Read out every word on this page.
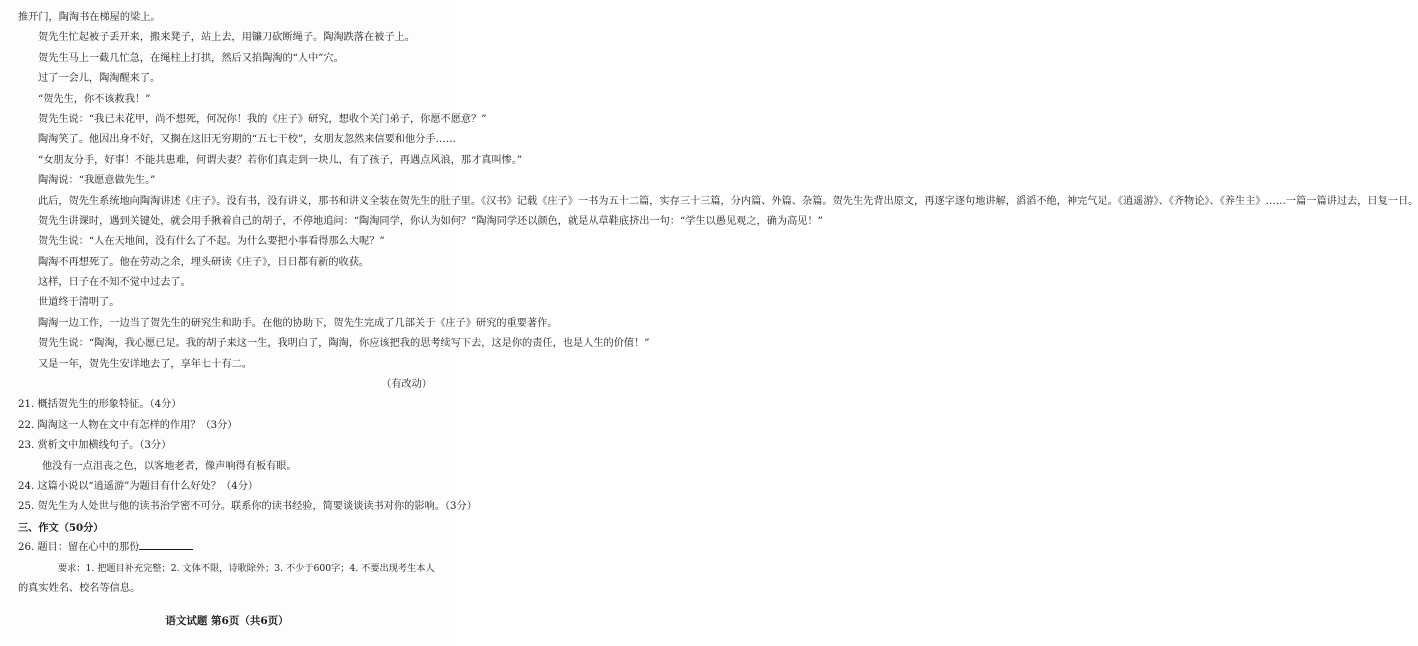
推开门，陶淘书在梯屋的梁上。
贺先生忙起被子丢开来，搬来凳子，站上去，用镰刀砍断绳子。陶淘跌落在被子上。
贺先生马上一截几忙急，在绳柱上打拱，然后又掐陶淘的“人中”穴。
过了一会儿，陶淘醒来了。
“贺先生，你不该救我！”
贺先生说：“我已未花甲，尚不想死，何况你！我的《庄子》研究，想收个关门弟子，你愿不愿意？”
陶淘笑了。他因出身不好，又搁在这旧无穷期的“五七干校”，女朋友忽然来信要和他分手……
“女朋友分手，好事！不能共患难，何谓夫妻？若你们真走到一块儿，有了孩子，再遇点风浪，那才真叫惨。”
陶淘说：“我愿意做先生。”
此后，贺先生系统地向陶淘讲述《庄子》。没有书，没有讲义，那书和讲义全装在贺先生的肚子里。《汉书》记载《庄子》一书为五十二篇，实存三十三篇，分内篇、外篇、杂篇。贺先生先背出原文，再逐字逐句地讲解，滔滔不绝，神完气足。《逍遥游》、《齐物论》、《养生主》……一篇一篇讲过去，日复一日。
贺先生讲课时，遇到关键处，就会用手揪着自己的胡子，不停地追问：“陶淘同学，你认为如何？”陶淘同学还以颜色，就是从草鞋底挤出一句：“学生以愚见观之，确为高见！”
贺先生说：“人在天地间，没有什么了不起。为什么要把小事看得那么大呢？”
陶淘不再想死了。他在劳动之余，埋头研读《庄子》，日日都有新的收获。
这样，日子在不知不觉中过去了。
世道终于清明了。
陶淘一边工作，一边当了贺先生的研究生和助手。在他的协助下，贺先生完成了几部关于《庄子》研究的重要著作。
贺先生说：“陶淘，我心愿已足。我的胡子来这一生，我明白了，陶淘，你应该把我的思考续写下去，这是你的责任，也是人生的价值！”
又是一年，贺先生安详地去了，享年七十有二。
（有改动）
21. 概括贺先生的形象特征。（4分）
22. 陶淘这一人物在文中有怎样的作用？（3分）
23. 赏析文中加横线句子。（3分）
他没有一点沮丧之色，以客地老者，像声响得有板有眼。
24. 这篇小说以“逍遥游”为题目有什么好处？（4分）
25. 贺先生为人处世与他的读书治学密不可分。联系你的读书经验，简要谈谈读书对你的影响。（3分）
三、作文（50分）
26. 题目：留在心中的那份
要求：1. 把题目补充完整；2. 文体不限，诗歌除外；3. 不少于600字；4. 不要出现考生本人
的真实姓名、校名等信息。
语文试题 第6页（共6页）
